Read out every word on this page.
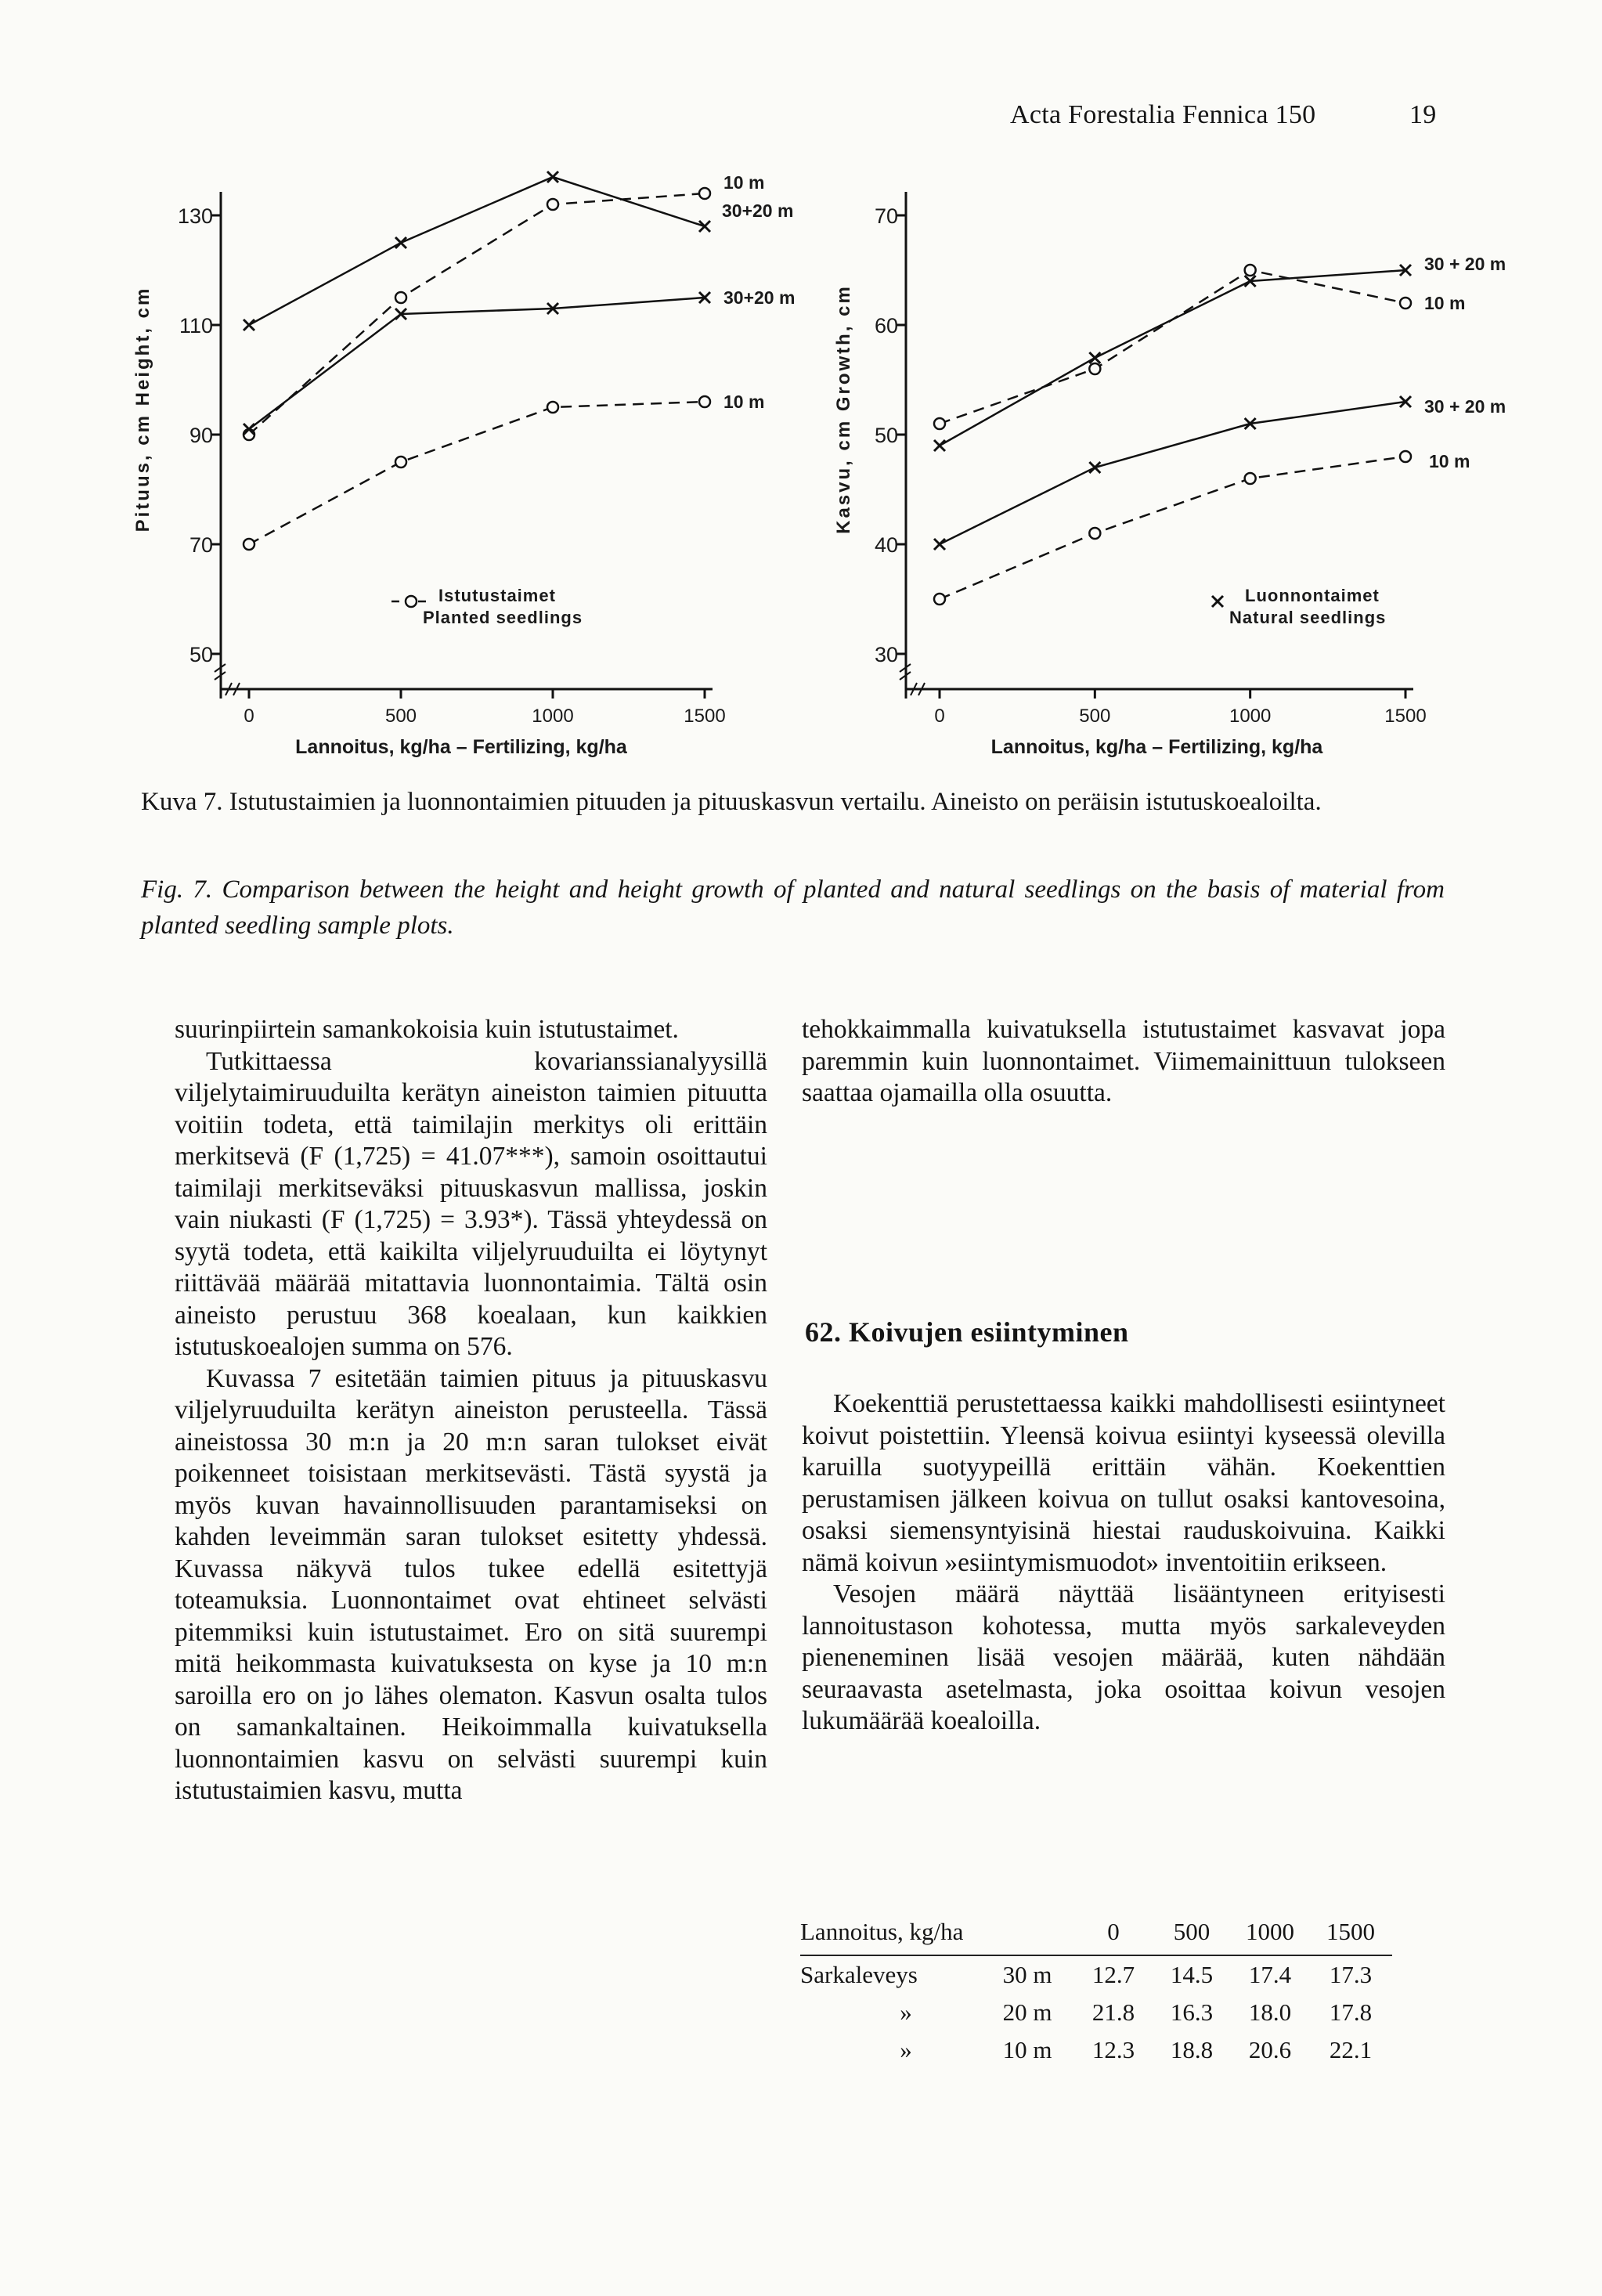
Acta Forestalia Fennica 150	19
50
70
90
110
130
0	500	1000	1500
Lannoitus, kg/ha – Fertilizing, kg/ha
Pituus, cm Height, cm	10 m
10 m
30+20 m
30+20 m
Istutustaimet
Planted seedlings
30
40
50
60
70
0	500	1000	1500
Lannoitus, kg/ha – Fertilizing, kg/ha
Kasvu, cm Growth, cm	10 m
10 m
30 + 20 m
30 + 20 m
Luonnontaimet
Natural seedlings
Kuva 7. Istutustaimien ja luonnontaimien pituuden ja pituuskasvun vertailu. Aineisto on peräisin istutuskoealoilta.
Fig. 7. Comparison between the height and height growth of planted and natural seedlings on the basis of material from planted seedling sample plots.

suurinpiirtein samankokoisia kuin istutustaimet.

Tutkittaessa kovarianssianalyysillä viljelytaimiruuduilta kerätyn aineiston taimien pituutta voitiin todeta, että taimilajin merkitys oli erittäin merkitsevä (F (1,725) = 41.07***), samoin osoittautui taimilaji merkitseväksi pituuskasvun mallissa, joskin vain niukasti (F (1,725) = 3.93*). Tässä yhteydessä on syytä todeta, että kaikilta viljelyruuduilta ei löytynyt riittävää määrää mitattavia luonnontaimia. Tältä osin aineisto perustuu 368 koealaan, kun kaikkien istutuskoealojen summa on 576.

Kuvassa 7 esitetään taimien pituus ja pituuskasvu viljelyruuduilta kerätyn aineiston perusteella. Tässä aineistossa 30 m:n ja 20 m:n saran tulokset eivät poikenneet toisistaan merkitsevästi. Tästä syystä ja myös kuvan havainnollisuuden parantamiseksi on kahden leveimmän saran tulokset esitetty yhdessä. Kuvassa näkyvä tulos tukee edellä esitettyjä toteamuksia. Luonnontaimet ovat ehtineet selvästi pitemmiksi kuin istutustaimet. Ero on sitä suurempi mitä heikommasta kuivatuksesta on kyse ja 10 m:n saroilla ero on jo lähes olematon. Kasvun osalta tulos on samankaltainen. Heikoimmalla kuivatuksella luonnontaimien kasvu on selvästi suurempi kuin istutustaimien kasvu, mutta

tehokkaimmalla kuivatuksella istutustaimet kasvavat jopa paremmin kuin luonnontaimet. Viimemainittuun tulokseen saattaa ojamailla olla osuutta.

62. Koivujen esiintyminen

Koekenttiä perustettaessa kaikki mahdollisesti esiintyneet koivut poistettiin. Yleensä koivua esiintyi kyseessä olevilla karuilla suotyypeillä erittäin vähän. Koekenttien perustamisen jälkeen koivua on tullut osaksi kantovesoina, osaksi siemensyntyisinä hiestai rauduskoivuina. Kaikki nämä koivun »esiintymismuodot» inventoitiin erikseen.

Vesojen määrä näyttää lisääntyneen erityisesti lannoitustason kohotessa, mutta myös sarkaleveyden pieneneminen lisää vesojen määrää, kuten nähdään seuraavasta asetelmasta, joka osoittaa koivun vesojen lukumäärää koealoilla.

Lannoitus, kg/ha		0	500	1000	1500
Sarkaleveys	30 m	12.7	14.5	17.4	17.3
»	20 m	21.8	16.3	18.0	17.8
»	10 m	12.3	18.8	20.6	22.1
